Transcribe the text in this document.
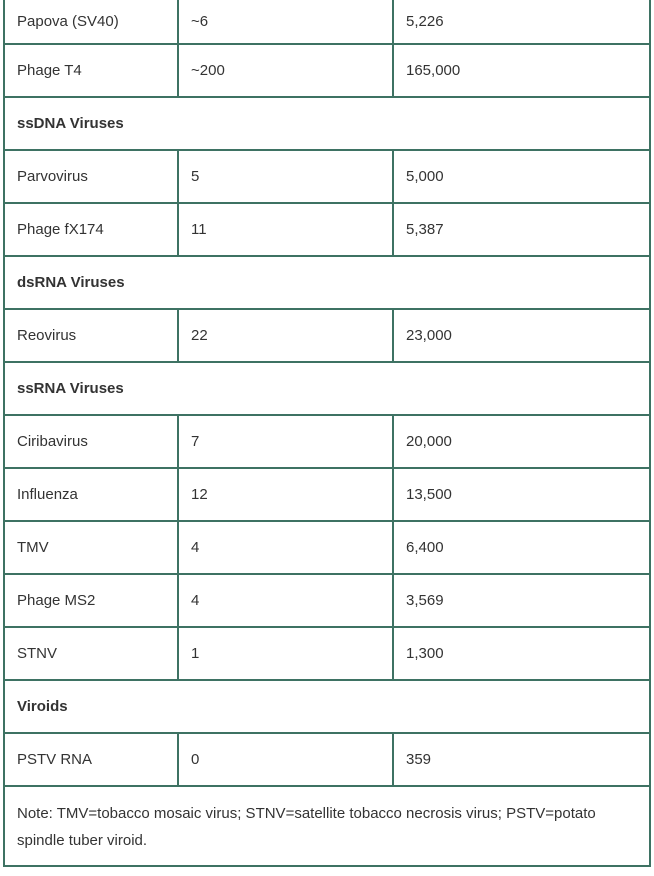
Papova (SV40)	~6	5,226
Phage T4	~200	165,000
ssDNA Viruses
Parvovirus	5	5,000
Phage fX174	11	5,387
dsRNA Viruses
Reovirus	22	23,000
ssRNA Viruses
Ciribavirus	7	20,000
Influenza	12	13,500
TMV	4	6,400
Phage MS2	4	3,569
STNV	1	1,300
Viroids
PSTV RNA	0	359
Note: TMV=tobacco mosaic virus; STNV=satellite tobacco necrosis virus; PSTV=potato spindle tuber viroid.
